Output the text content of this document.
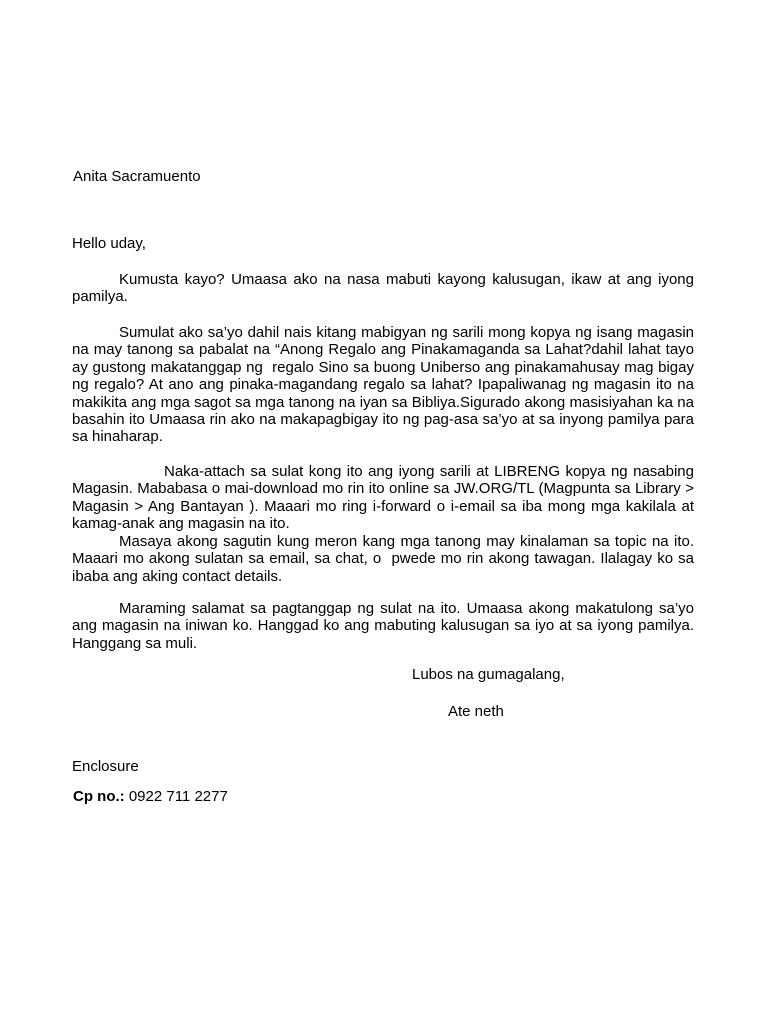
Anita Sacramuento
Hello uday,
Kumusta kayo? Umaasa ako na nasa mabuti kayong kalusugan, ikaw at ang iyong pamilya.
Sumulat ako sa’yo dahil nais kitang mabigyan ng sarili mong kopya ng isang magasin na may tanong sa pabalat na “Anong Regalo ang Pinakamaganda sa Lahat?dahil lahat tayo ay gustong makatanggap ng  regalo Sino sa buong Uniberso ang pinakamahusay mag bigay ng regalo? At ano ang pinaka-magandang regalo sa lahat? Ipapaliwanag ng magasin ito na makikita ang mga sagot sa mga tanong na iyan sa Bibliya.Sigurado akong masisiyahan ka na basahin ito Umaasa rin ako na makapagbigay ito ng pag-asa sa’yo at sa inyong pamilya para sa hinaharap.
Naka-attach sa sulat kong ito ang iyong sarili at LIBRENG kopya ng nasabing Magasin. Mababasa o mai-download mo rin ito online sa JW.ORG/TL (Magpunta sa Library > Magasin > Ang Bantayan ). Maaari mo ring i-forward o i-email sa iba mong mga kakilala at kamag-anak ang magasin na ito.
Masaya akong sagutin kung meron kang mga tanong may kinalaman sa topic na ito. Maaari mo akong sulatan sa email, sa chat, o  pwede mo rin akong tawagan. Ilalagay ko sa ibaba ang aking contact details.
Maraming salamat sa pagtanggap ng sulat na ito. Umaasa akong makatulong sa’yo ang magasin na iniwan ko. Hanggad ko ang mabuting kalusugan sa iyo at sa iyong pamilya. Hanggang sa muli.
Lubos na gumagalang,
Ate neth
Enclosure
Cp no.: 0922 711 2277
